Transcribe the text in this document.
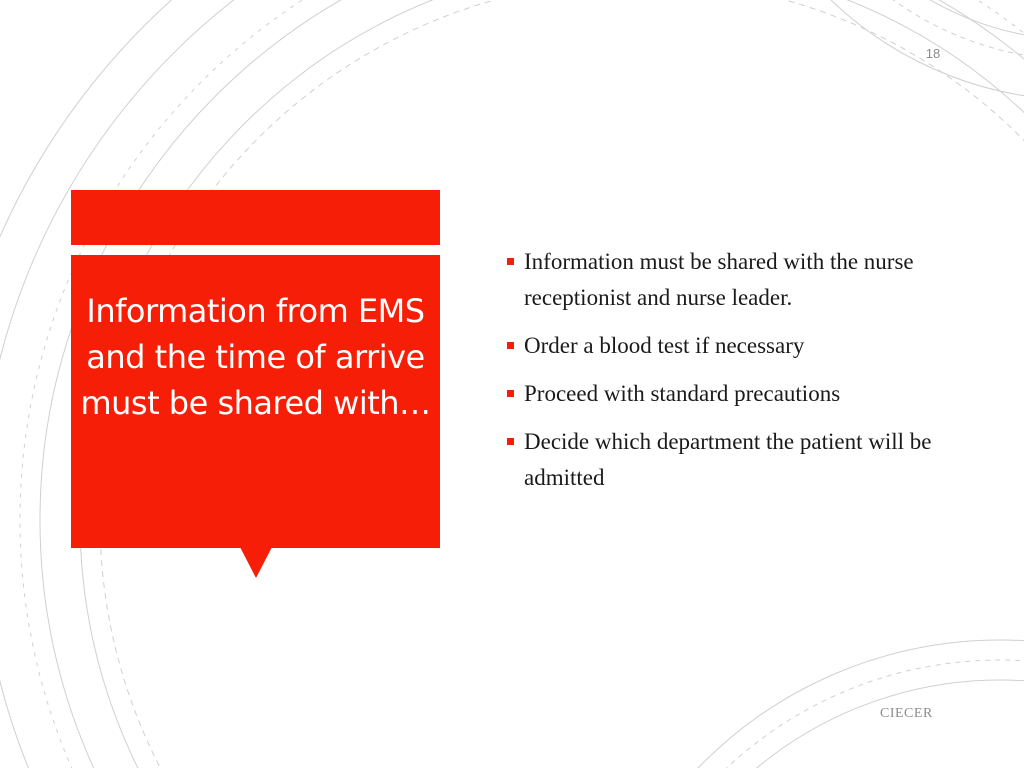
18
Information from EMS and the time of arrive must be shared with…
Information must be shared with the nurse receptionist and nurse leader.
Order a blood test if necessary
Proceed with standard precautions
Decide which department the patient will be admitted
CIECER
